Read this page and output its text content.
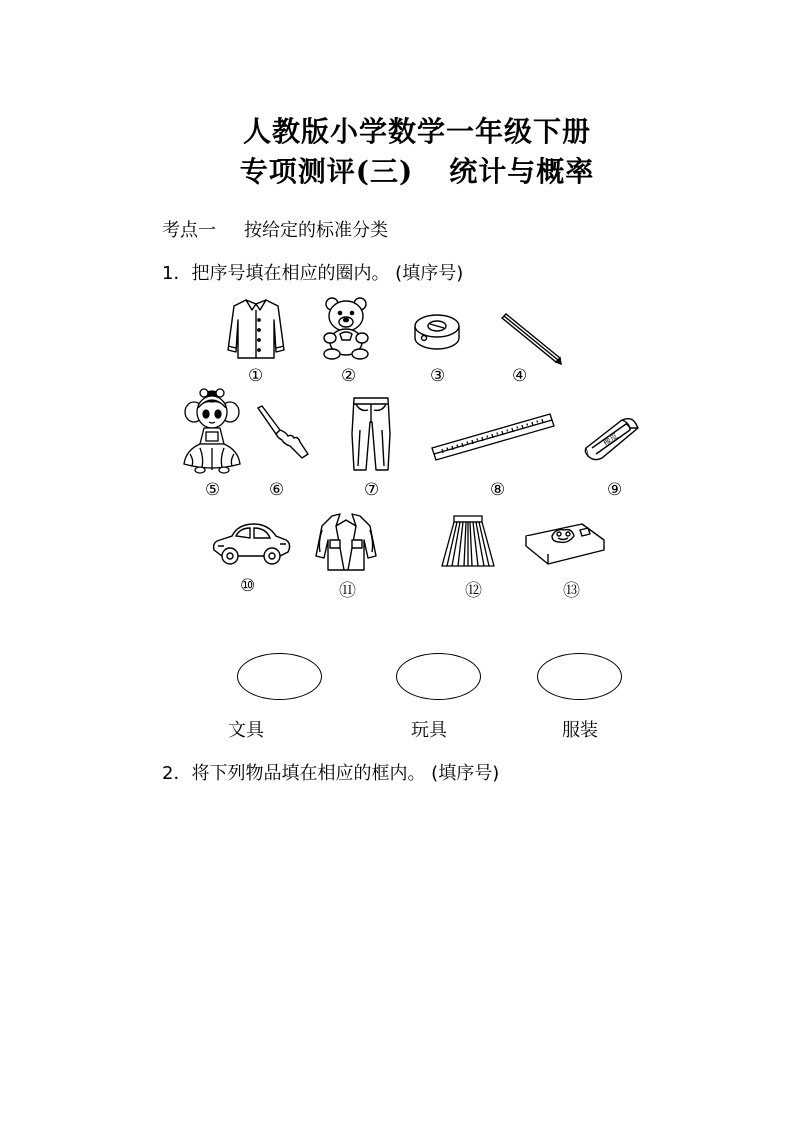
人教版小学数学一年级下册
专项测评(三) 统计与概率
考点一 按给定的标准分类
1．把序号填在相应的圈内。 (填序号)
①	②	③	④
橡皮
⑤	⑥	⑦	⑧	⑨
⑩	⑪	⑫	⑬
文具	玩具	服装
2．将下列物品填在相应的框内。 (填序号)
